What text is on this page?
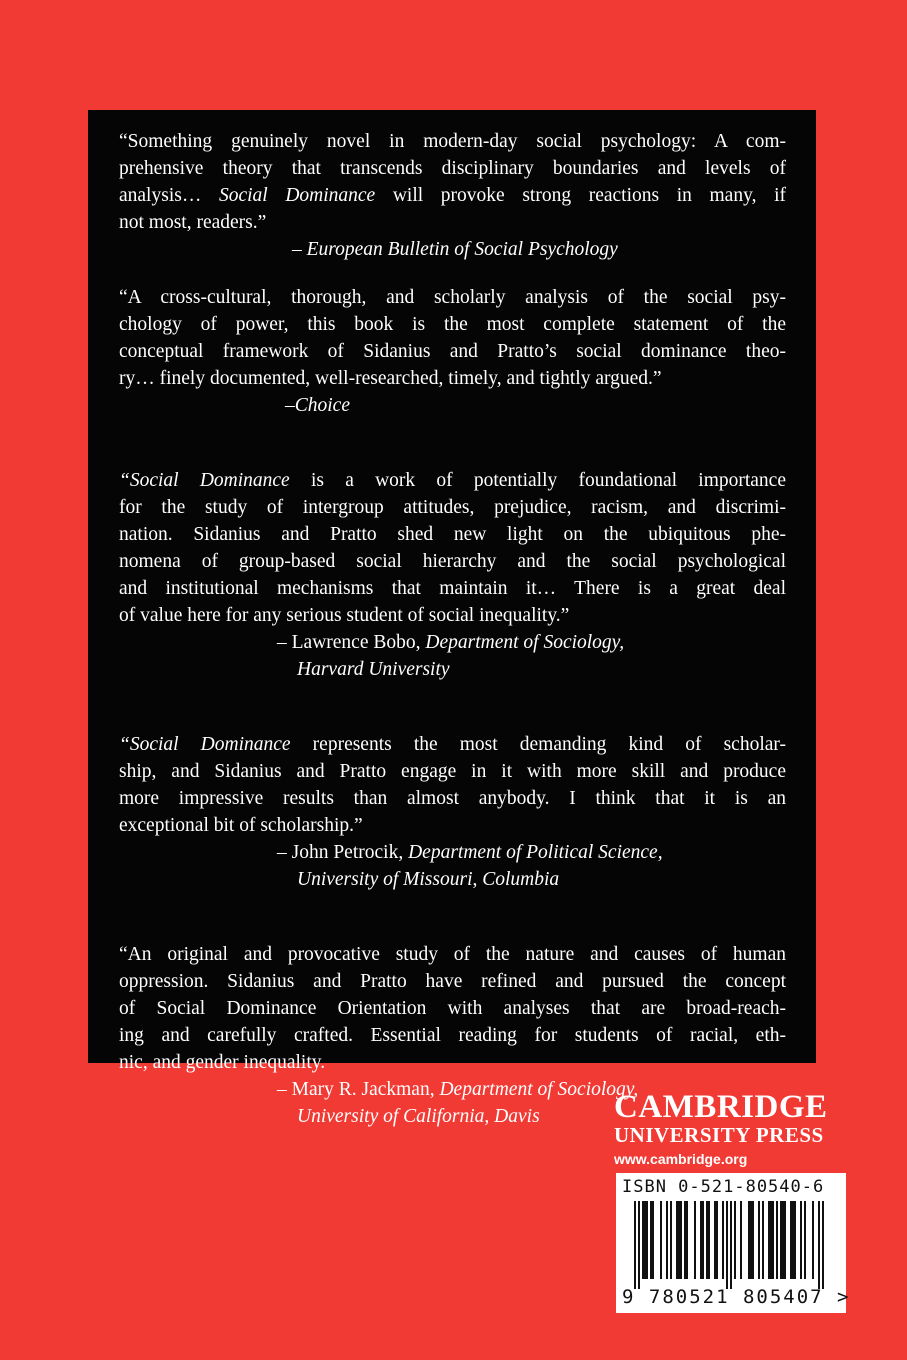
“Something genuinely novel in modern-day social psychology: A com-
prehensive theory that transcends disciplinary boundaries and levels of
analysis… Social Dominance will provoke strong reactions in many, if
not most, readers.”

– European Bulletin of Social Psychology

“A cross-cultural, thorough, and scholarly analysis of the social psy-
chology of power, this book is the most complete statement of the
conceptual framework of Sidanius and Pratto’s social dominance theo-
ry… finely documented, well-researched, timely, and tightly argued.”

–Choice

“Social Dominance is a work of potentially foundational importance
for the study of intergroup attitudes, prejudice, racism, and discrimi-
nation. Sidanius and Pratto shed new light on the ubiquitous phe-
nomena of group-based social hierarchy and the social psychological
and institutional mechanisms that maintain it… There is a great deal
of value here for any serious student of social inequality.”

– Lawrence Bobo, Department of Sociology,
Harvard University

“Social Dominance represents the most demanding kind of scholar-
ship, and Sidanius and Pratto engage in it with more skill and produce
more impressive results than almost anybody. I think that it is an
exceptional bit of scholarship.”

– John Petrocik, Department of Political Science,
University of Missouri, Columbia

“An original and provocative study of the nature and causes of human
oppression. Sidanius and Pratto have refined and pursued the concept
of Social Dominance Orientation with analyses that are broad-reach-
ing and carefully crafted. Essential reading for students of racial, eth-
nic, and gender inequality.

– Mary R. Jackman, Department of Sociology,
University of California, Davis	CAMBRIDGE
UNIVERSITY PRESS
www.cambridge.org
ISBN 0-521-80540-6
9 780521 805407 >
